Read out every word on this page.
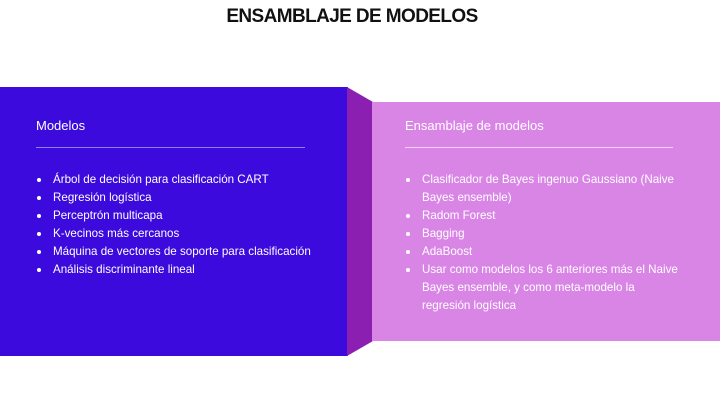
ENSAMBLAJE DE MODELOS
Modelos
Árbol de decisión para clasificación CART
Regresión logística
Perceptrón multicapa
K-vecinos más cercanos
Máquina de vectores de soporte para clasificación
Análisis discriminante lineal
Ensamblaje de modelos
Clasificador de Bayes ingenuo Gaussiano (Naive Bayes ensemble)
Radom Forest
Bagging
AdaBoost
Usar como modelos los 6 anteriores más el Naive Bayes ensemble, y como meta-modelo la regresión logística
